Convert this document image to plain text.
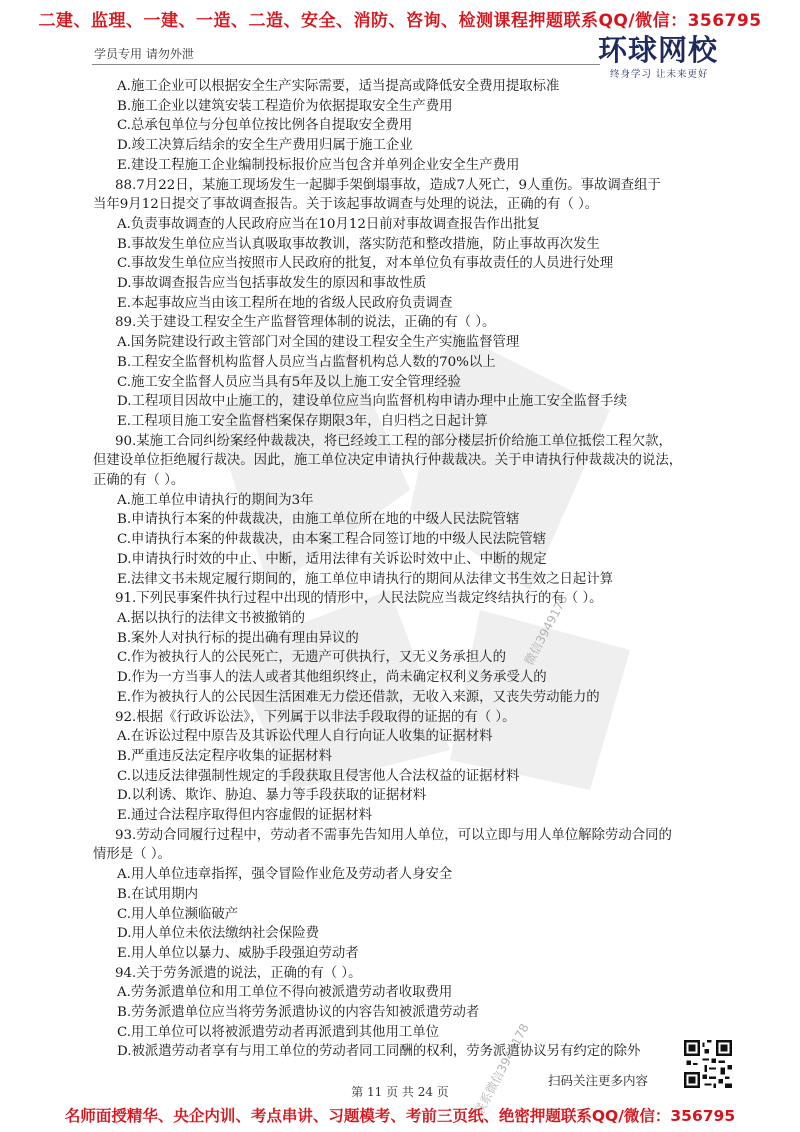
二建、监理、一建、一造、二造、安全、消防、咨询、检测课程押题联系QQ/微信：356795
学员专用 请勿外泄	环球网校
终身学习 让未来更好
A.施工企业可以根据安全生产实际需要，适当提高或降低安全费用提取标准
B.施工企业以建筑安装工程造价为依据提取安全生产费用
C.总承包单位与分包单位按比例各自提取安全费用
D.竣工决算后结余的安全生产费用归属于施工企业
E.建设工程施工企业编制投标报价应当包含并单列企业安全生产费用
88.7月22日，某施工现场发生一起脚手架倒塌事故，造成7人死亡，9人重伤。事故调查组于
当年9月12日提交了事故调查报告。关于该起事故调查与处理的说法，正确的有（ ）。
A.负责事故调查的人民政府应当在10月12日前对事故调查报告作出批复
B.事故发生单位应当认真吸取事故教训，落实防范和整改措施，防止事故再次发生
C.事故发生单位应当按照市人民政府的批复，对本单位负有事故责任的人员进行处理
D.事故调查报告应当包括事故发生的原因和事故性质
E.本起事故应当由该工程所在地的省级人民政府负责调查
89.关于建设工程安全生产监督管理体制的说法，正确的有（ ）。
A.国务院建设行政主管部门对全国的建设工程安全生产实施监督管理
B.工程安全监督机构监督人员应当占监督机构总人数的70%以上
C.施工安全监督人员应当具有5年及以上施工安全管理经验
D.工程项目因故中止施工的，建设单位应当向监督机构申请办理中止施工安全监督手续
E.工程项目施工安全监督档案保存期限3年，自归档之日起计算
90.某施工合同纠纷案经仲裁裁决，将已经竣工工程的部分楼层折价给施工单位抵偿工程欠款，
但建设单位拒绝履行裁决。因此，施工单位决定申请执行仲裁裁决。关于申请执行仲裁裁决的说法，
正确的有（ ）。
A.施工单位申请执行的期间为3年
B.申请执行本案的仲裁裁决，由施工单位所在地的中级人民法院管辖
C.申请执行本案的仲裁裁决，由本案工程合同签订地的中级人民法院管辖
D.申请执行时效的中止、中断，适用法律有关诉讼时效中止、中断的规定
E.法律文书未规定履行期间的，施工单位申请执行的期间从法律文书生效之日起计算
91.下列民事案件执行过程中出现的情形中，人民法院应当裁定终结执行的有（ ）。
A.据以执行的法律文书被撤销的
B.案外人对执行标的提出确有理由异议的
C.作为被执行人的公民死亡，无遗产可供执行，又无义务承担人的
D.作为一方当事人的法人或者其他组织终止，尚未确定权利义务承受人的
E.作为被执行人的公民因生活困难无力偿还借款，无收入来源，又丧失劳动能力的
92.根据《行政诉讼法》，下列属于以非法手段取得的证据的有（ ）。
A.在诉讼过程中原告及其诉讼代理人自行向证人收集的证据材料
B.严重违反法定程序收集的证据材料
C.以违反法律强制性规定的手段获取且侵害他人合法权益的证据材料
D.以利诱、欺诈、胁迫、暴力等手段获取的证据材料
E.通过合法程序取得但内容虚假的证据材料
93.劳动合同履行过程中，劳动者不需事先告知用人单位，可以立即与用人单位解除劳动合同的
情形是（ ）。
A.用人单位违章指挥，强令冒险作业危及劳动者人身安全
B.在试用期内
C.用人单位濒临破产
D.用人单位未依法缴纳社会保险费
E.用人单位以暴力、威胁手段强迫劳动者
94.关于劳务派遣的说法，正确的有（ ）。
A.劳务派遣单位和用工单位不得向被派遣劳动者收取费用
B.劳务派遣单位应当将劳务派遣协议的内容告知被派遣劳动者
C.用工单位可以将被派遣劳动者再派遣到其他用工单位
D.被派遣劳动者享有与用工单位的劳动者同工同酬的权利，劳务派遣协议另有约定的除外
微信3949178
联系微信3949178
第 11 页 共 24 页
扫码关注更多内容
名师面授精华、央企内训、考点串讲、习题模考、考前三页纸、绝密押题联系QQ/微信：356795
